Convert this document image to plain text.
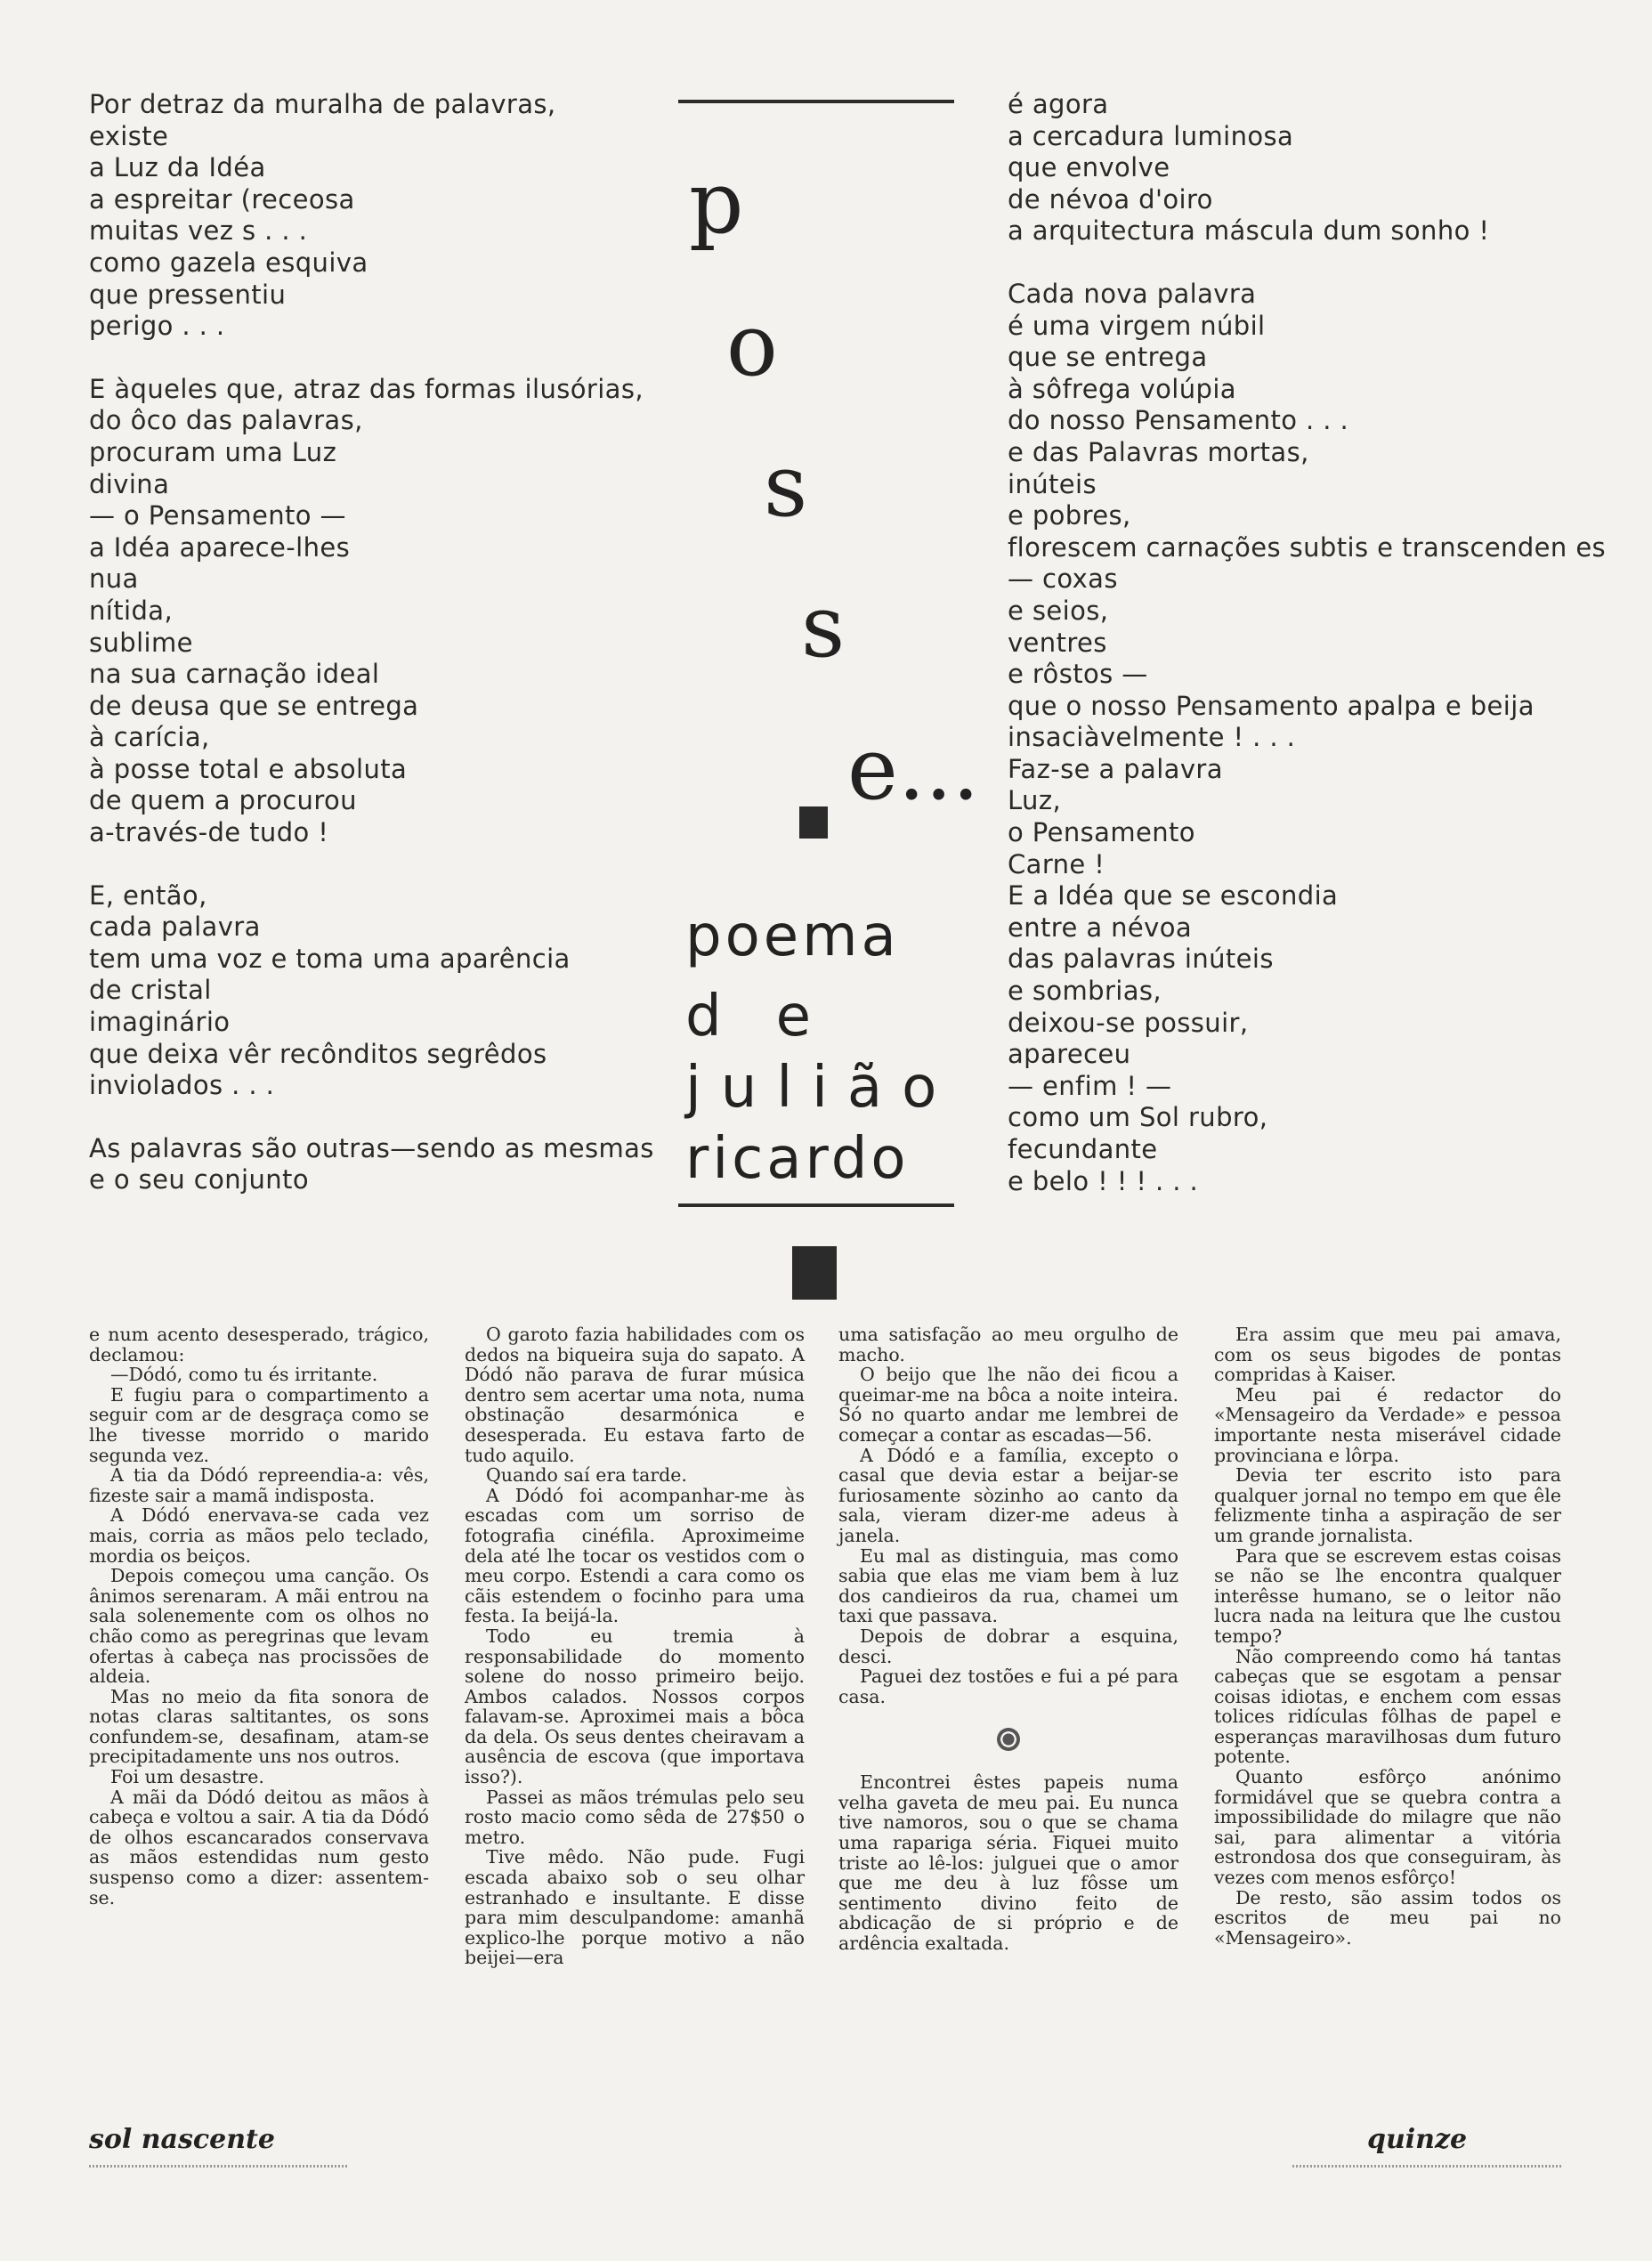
Por detraz da muralha de palavras,
existe
a Luz da Idéa
a espreitar (receosa
muitas vez s . . .
como gazela esquiva
que pressentiu
perigo . . .
E àqueles que, atraz das formas ilusórias,
do ôco das palavras,
procuram uma Luz
divina
— o Pensamento —
a Idéa aparece-lhes
nua
nítida,
sublime
na sua carnação ideal
de deusa que se entrega
à carícia,
à posse total e absoluta
de quem a procurou
a-través-de tudo !
E, então,
cada palavra
tem uma voz e toma uma aparência
de cristal
imaginário
que deixa vêr recônditos segrêdos
inviolados . . .
As palavras são outras—sendo as mesmas
e o seu conjunto
p
o
s
s
e...
poema
d   e
julião
ricardo
é agora
a cercadura luminosa
que envolve
de névoa d'oiro
a arquitectura máscula dum sonho !
Cada nova palavra
é uma virgem núbil
que se entrega
à sôfrega volúpia
do nosso Pensamento . . .
e das Palavras mortas,
inúteis
e pobres,
florescem carnações subtis e transcenden es
— coxas
e seios,
ventres
e rôstos —
que o nosso Pensamento apalpa e beija
insaciàvelmente ! . . .
Faz-se a palavra
Luz,
o Pensamento
Carne !
E a Idéa que se escondia
entre a névoa
das palavras inúteis
e sombrias,
deixou-se possuir,
apareceu
— enfim ! —
como um Sol rubro,
fecundante
e belo ! ! ! . . .

e num acento desesperado, trágico, declamou:

—Dódó, como tu és irritante.

E fugiu para o compartimento a seguir com ar de desgraça como se lhe tivesse morrido o marido segunda vez.

A tia da Dódó repreendia-a: vês, fizeste sair a mamã indisposta.

A Dódó enervava-se cada vez mais, corria as mãos pelo teclado, mordia os beiços.

Depois começou uma canção. Os ânimos serenaram. A mãi entrou na sala solenemente com os olhos no chão como as peregrinas que levam ofertas à cabeça nas procissões de aldeia.

Mas no meio da fita sonora de notas claras saltitantes, os sons confundem-se, desafinam, atam-se precipitadamente uns nos outros.

Foi um desastre.

A mãi da Dódó deitou as mãos à cabeça e voltou a sair. A tia da Dódó de olhos escancarados conservava as mãos estendidas num gesto suspenso como a dizer: assentem-se.

O garoto fazia habilidades com os dedos na biqueira suja do sapato. A Dódó não parava de furar música dentro sem acertar uma nota, numa obstinação desarmónica e desesperada. Eu estava farto de tudo aquilo.

Quando saí era tarde.

A Dódó foi acompanhar-me às escadas com um sorriso de fotografia cinéfila. Aproximeime dela até lhe tocar os vestidos com o meu corpo. Estendi a cara como os cãis estendem o focinho para uma festa. Ia beijá-la.

Todo eu tremia à responsabilidade do momento solene do nosso primeiro beijo. Ambos calados. Nossos corpos falavam-se. Aproximei mais a bôca da dela. Os seus dentes cheiravam a ausência de escova (que importava isso?).

Passei as mãos trémulas pelo seu rosto macio como sêda de 27$50 o metro.

Tive mêdo. Não pude. Fugi escada abaixo sob o seu olhar estranhado e insultante. E disse para mim desculpandome: amanhã explico-lhe porque motivo a não beijei—era

uma satisfação ao meu orgulho de macho.

O beijo que lhe não dei ficou a queimar-me na bôca a noite inteira. Só no quarto andar me lembrei de começar a contar as escadas—56.

A Dódó e a família, excepto o casal que devia estar a beijar-se furiosamente sòzinho ao canto da sala, vieram dizer-me adeus à janela.

Eu mal as distinguia, mas como sabia que elas me viam bem à luz dos candieiros da rua, chamei um taxi que passava.

Depois de dobrar a esquina, desci.

Paguei dez tostões e fui a pé para casa.

Encontrei êstes papeis numa velha gaveta de meu pai. Eu nunca tive namoros, sou o que se chama uma rapariga séria. Fiquei muito triste ao lê-los: julguei que o amor que me deu à luz fôsse um sentimento divino feito de abdicação de si próprio e de ardência exaltada.

Era assim que meu pai amava, com os seus bigodes de pontas compridas à Kaiser.

Meu pai é redactor do «Mensageiro da Verdade» e pessoa importante nesta miserável cidade provinciana e lôrpa.

Devia ter escrito isto para qualquer jornal no tempo em que êle felizmente tinha a aspiração de ser um grande jornalista.

Para que se escrevem estas coisas se não se lhe encontra qualquer interêsse humano, se o leitor não lucra nada na leitura que lhe custou tempo?

Não compreendo como há tantas cabeças que se esgotam a pensar coisas idiotas, e enchem com essas tolices ridículas fôlhas de papel e esperanças maravilhosas dum futuro potente.

Quanto esfôrço anónimo formidável que se quebra contra a impossibilidade do milagre que não sai, para alimentar a vitória estrondosa dos que conseguiram, às vezes com menos esfôrço!

De resto, são assim todos os escritos de meu pai no «Mensageiro».

sol nascente	quinze
